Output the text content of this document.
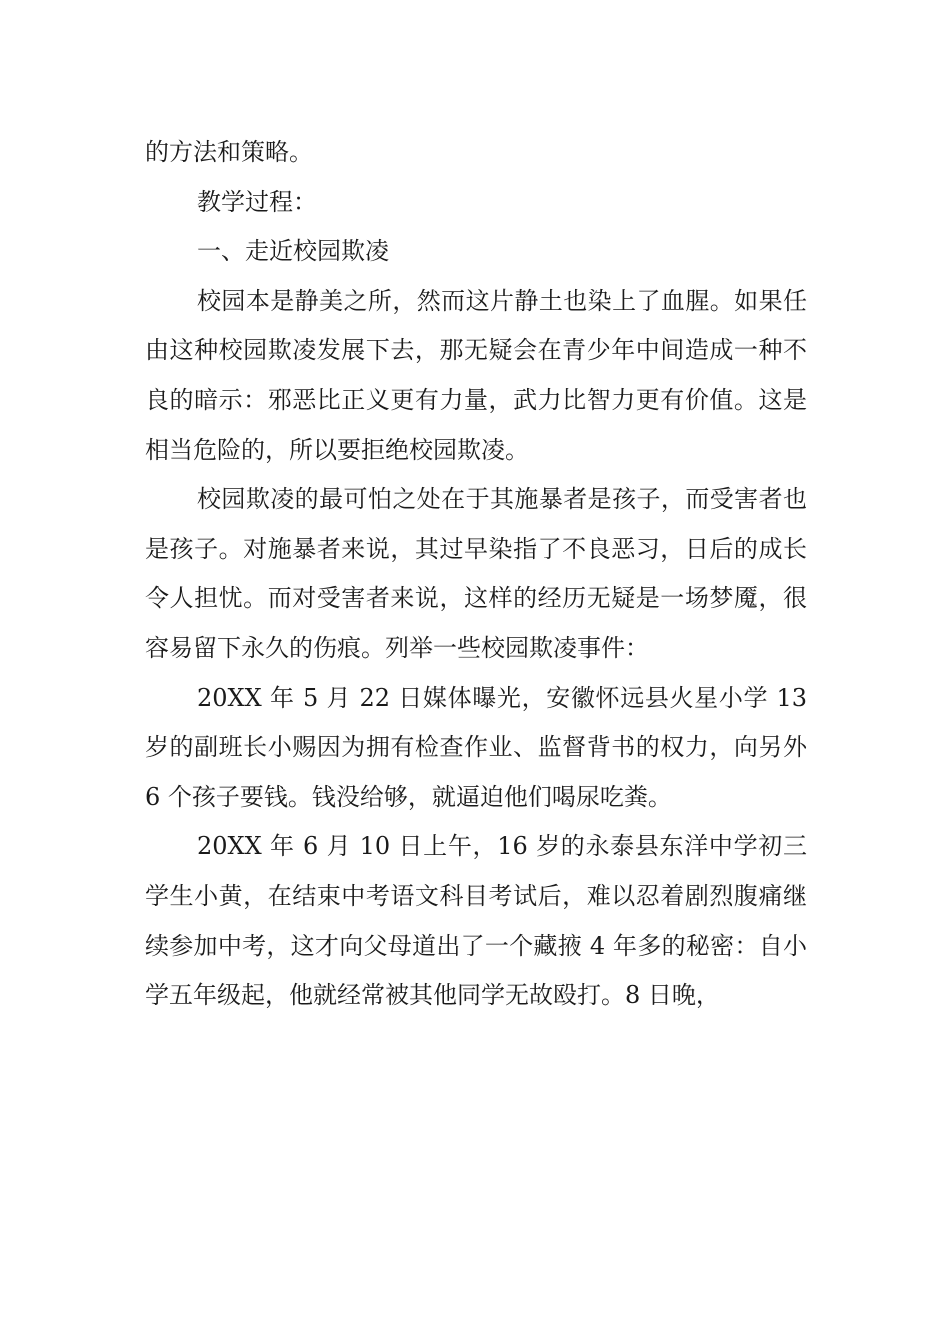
的方法和策略。

教学过程：

一、走近校园欺凌

校园本是静美之所，然而这片静土也染上了血腥。如果任由这种校园欺凌发展下去，那无疑会在青少年中间造成一种不良的暗示：邪恶比正义更有力量，武力比智力更有价值。这是相当危险的，所以要拒绝校园欺凌。

校园欺凌的最可怕之处在于其施暴者是孩子，而受害者也是孩子。对施暴者来说，其过早染指了不良恶习，日后的成长令人担忧。而对受害者来说，这样的经历无疑是一场梦魇，很容易留下永久的伤痕。列举一些校园欺凌事件：

20XX 年 5 月 22 日媒体曝光，安徽怀远县火星小学 13 岁的副班长小赐因为拥有检查作业、监督背书的权力，向另外 6 个孩子要钱。钱没给够，就逼迫他们喝尿吃粪。

20XX 年 6 月 10 日上午，16 岁的永泰县东洋中学初三学生小黄，在结束中考语文科目考试后，难以忍着剧烈腹痛继续参加中考，这才向父母道出了一个藏掖 4 年多的秘密：自小学五年级起，他就经常被其他同学无故殴打。8 日晚，
